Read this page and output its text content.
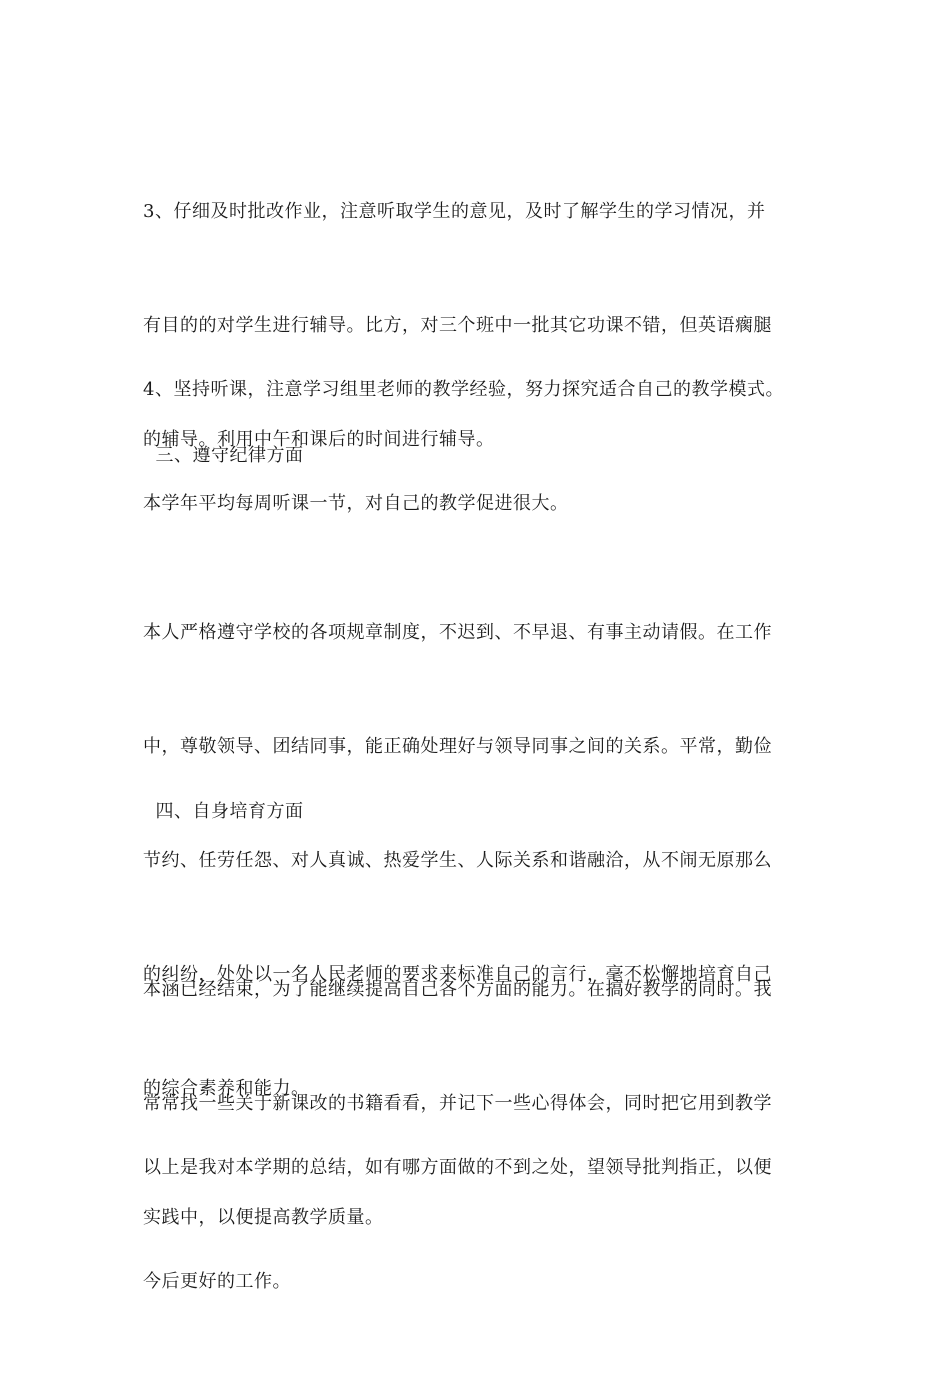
3、仔细及时批改作业，注意听取学生的意见，及时了解学生的学习情况，并

有目的的对学生进行辅导。比方，对三个班中一批其它功课不错，但英语瘸腿

的辅导。利用中午和课后的时间进行辅导。

4、坚持听课，注意学习组里老师的教学经验，努力探究适合自己的教学模式。

本学年平均每周听课一节，对自己的教学促进很大。

三、遵守纪律方面

本人严格遵守学校的各项规章制度，不迟到、不早退、有事主动请假。在工作

中，尊敬领导、团结同事，能正确处理好与领导同事之间的关系。平常，勤俭

节约、任劳任怨、对人真诚、热爱学生、人际关系和谐融洽，从不闹无原那么

的纠纷，处处以一名人民老师的要求来标准自己的言行，毫不松懈地培育自己

的综合素养和能力。

四、自身培育方面

本涵已经结束，为了能继续提高自己各个方面的能力。在搞好教学的同时。我

常常找一些关于新课改的书籍看看，并记下一些心得体会，同时把它用到教学

实践中，以便提高教学质量。

以上是我对本学期的总结，如有哪方面做的不到之处，望领导批判指正，以便

今后更好的工作。
